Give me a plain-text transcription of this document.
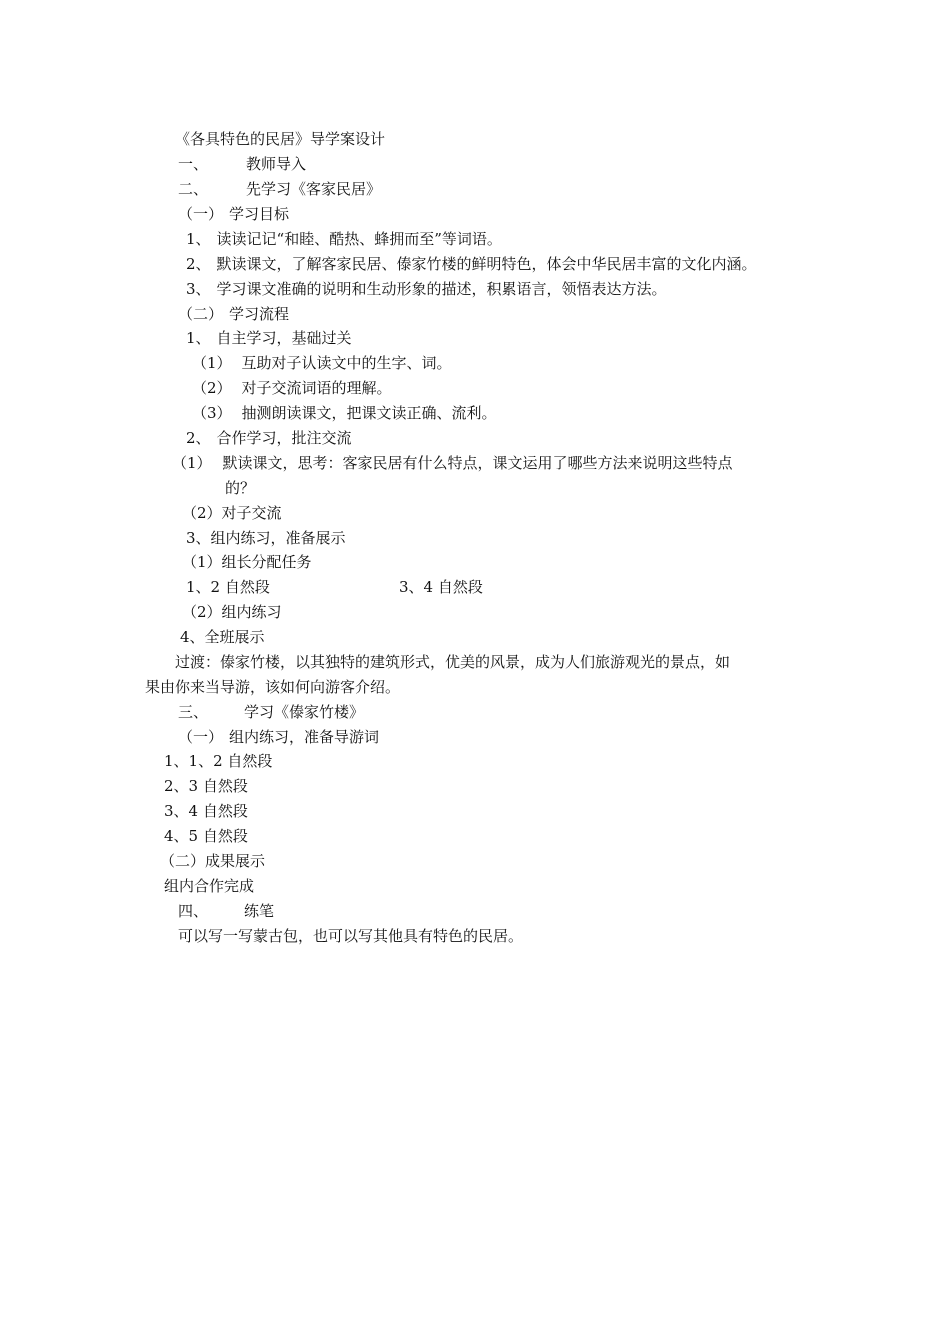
《各具特色的民居》导学案设计
一、	教师导入
二、	先学习《客家民居》
（一） 学习目标
1、 读读记记“和睦、酷热、蜂拥而至”等词语。
2、 默读课文，了解客家民居、傣家竹楼的鲜明特色，体会中华民居丰富的文化内涵。
3、 学习课文准确的说明和生动形象的描述，积累语言，领悟表达方法。
（二） 学习流程
1、 自主学习，基础过关
（1） 互助对子认读文中的生字、词。
（2） 对子交流词语的理解。
（3） 抽测朗读课文，把课文读正确、流利。
2、 合作学习，批注交流
（1） 默读课文，思考：客家民居有什么特点，课文运用了哪些方法来说明这些特点
的？
（2）对子交流
3、组内练习，准备展示
（1）组长分配任务
1、2 自然段	3、4 自然段
（2）组内练习
4、全班展示
过渡：傣家竹楼，以其独特的建筑形式，优美的风景，成为人们旅游观光的景点，如
果由你来当导游，该如何向游客介绍。
三、 学习《傣家竹楼》
（一） 组内练习，准备导游词
1、1、2 自然段
2、3 自然段
3、4 自然段
4、5 自然段
（二）成果展示
组内合作完成
四、 练笔
可以写一写蒙古包，也可以写其他具有特色的民居。
